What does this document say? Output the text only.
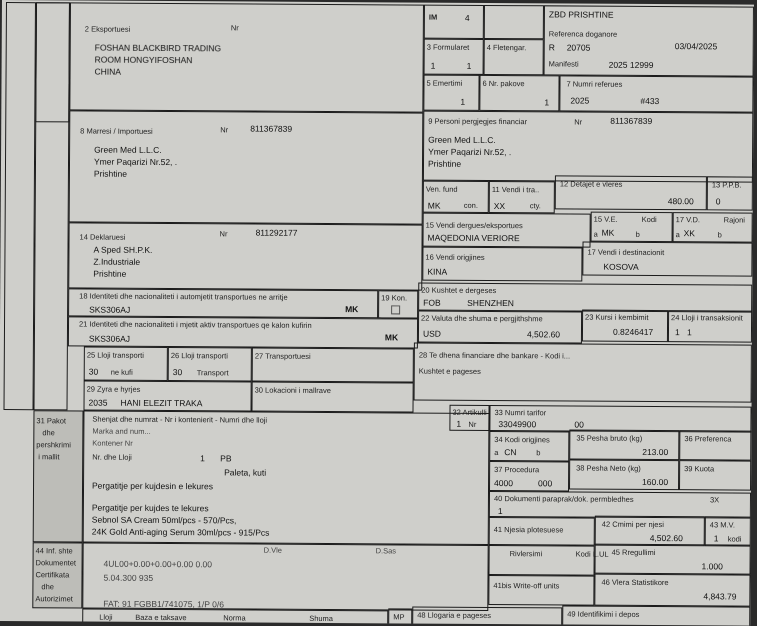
2 Eksportuesi	Nr
FOSHAN BLACKBIRD TRADING
ROOM HONGYIFOSHAN
CHINA
IM	4	ZBD PRISHTINE
Referenca doganore
R 20705	03/04/2025
Manifesti	2025 12999
3 Formularet
1	1
4 Fletengar.
5 Emertimi
1
6 Nr. pakove
1
7 Numri referues
2025	#433
8 Marresi / Importuesi	Nr	811367839
Green Med L.L.C.
Ymer Paqarizi Nr.52, .
Prishtine
9 Personi pergjegjes financiar	Nr	811367839
Green Med L.L.C.
Ymer Paqarizi Nr.52, .
Prishtine
Ven. fund
MK	con.
11 Vendi i tra..
XX	cty.
12 Detajet e vleres
480.00
13 P.P.B.
0
14 Deklaruesi	Nr	811292177
A Sped SH.P.K.
Z.Industriale
Prishtine
15 Vendi dergues/eksportues
MAQEDONIA VERIORE
15 V.E.	Kodi
a MK	b
17 V.D.	Rajoni
a XK	b
16 Vendi origjines
KINA
17 Vendi i destinacionit
KOSOVA
18 Identiteti dhe nacionaliteti i automjetit transportues ne arritje
SKS306AJ	MK
19 Kon.
20 Kushtet e dergeses
FOB	SHENZHEN
21 Identiteti dhe nacionaliteti i mjetit aktiv transportues qe kalon kufirin
SKS306AJ	MK
22 Valuta dhe shuma e pergjithshme
USD	4,502.60
23 Kursi i kembimit
0.8246417
24 Lloji i transaksionit
1 1
25 Lloji transporti
30 ne kufi
26 Lloji transporti
30 Transport
27 Transportuesi	28 Te dhena financiare dhe bankare - Kodi i...
Kushtet e pageses
29 Zyra e hyrjes
2035 HANI ELEZIT TRAKA
30 Lokacioni i mallrave
31 Pakot
dhe
pershkrimi
i mallit
Shenjat dhe numrat - Nr i kontenierit - Numri dhe lloji
Marka and num...
Kontener Nr
Nr. dhe Lloji	1 PB
Paleta, kuti
Pergatitje per kujdesin e lekures
Pergatitje per kujdes te lekures
Sebnol SA Cream 50ml/pcs - 570/Pcs,
24K Gold Anti-aging Serum 30ml/pcs - 915/Pcs
32 Artikulli
1 Nr
33 Numri tarifor
33049900	00
34 Kodi origjines
a CN	b
35 Pesha bruto (kg)
213.00
36 Preferenca
37 Procedura
4000	000
38 Pesha Neto (kg)
160.00
39 Kuota
40 Dokumenti paraprak/dok. permbledhes
1
3X
41 Njesia plotesuese
42 Cmimi per njesi
4,502.60
43 M.V.
1 kodi
44 Inf. shte
Dokumentet
Certifikata
dhe
Autorizimet
D.Vle	D.Sas
4UL00+0.00+0.00+0.00 0.00
5.04.300 935
FAT: 91 FGBB1/741075, 1/P 0/6
Rivlersimi	Kodi L.UL 45 Rregullimi
1.000
41bis Write-off units	46 Vlera Statistikore
4,843.79
Lloji	Baza e taksave	Norma	Shuma	MP 48 Llogaria e pageses	49 Identifikimi i depos
